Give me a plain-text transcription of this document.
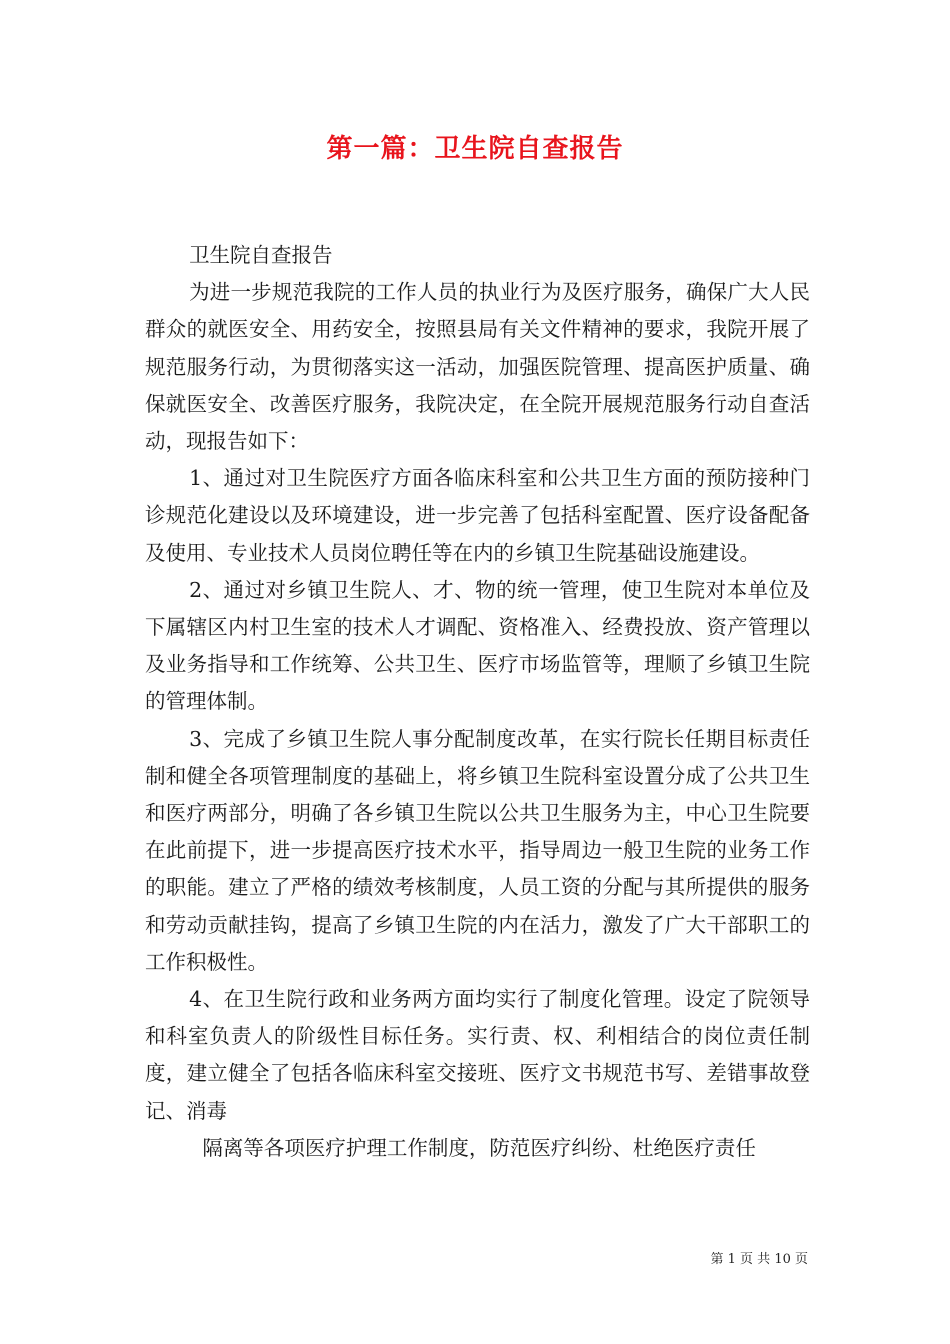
第一篇：卫生院自查报告

卫生院自查报告

为进一步规范我院的工作人员的执业行为及医疗服务，确保广大人民群众的就医安全、用药安全，按照县局有关文件精神的要求，我院开展了规范服务行动，为贯彻落实这一活动，加强医院管理、提高医护质量、确保就医安全、改善医疗服务，我院决定，在全院开展规范服务行动自查活动，现报告如下：

1、通过对卫生院医疗方面各临床科室和公共卫生方面的预防接种门诊规范化建设以及环境建设，进一步完善了包括科室配置、医疗设备配备及使用、专业技术人员岗位聘任等在内的乡镇卫生院基础设施建设。

2、通过对乡镇卫生院人、才、物的统一管理，使卫生院对本单位及下属辖区内村卫生室的技术人才调配、资格准入、经费投放、资产管理以及业务指导和工作统筹、公共卫生、医疗市场监管等，理顺了乡镇卫生院的管理体制。

3、完成了乡镇卫生院人事分配制度改革，在实行院长任期目标责任制和健全各项管理制度的基础上，将乡镇卫生院科室设置分成了公共卫生和医疗两部分，明确了各乡镇卫生院以公共卫生服务为主，中心卫生院要在此前提下，进一步提高医疗技术水平，指导周边一般卫生院的业务工作的职能。建立了严格的绩效考核制度，人员工资的分配与其所提供的服务和劳动贡献挂钩，提高了乡镇卫生院的内在活力，激发了广大干部职工的工作积极性。

4、在卫生院行政和业务两方面均实行了制度化管理。设定了院领导和科室负责人的阶级性目标任务。实行责、权、利相结合的岗位责任制度，建立健全了包括各临床科室交接班、医疗文书规范书写、差错事故登记、消毒

隔离等各项医疗护理工作制度，防范医疗纠纷、杜绝医疗责任

第 1 页 共 10 页
